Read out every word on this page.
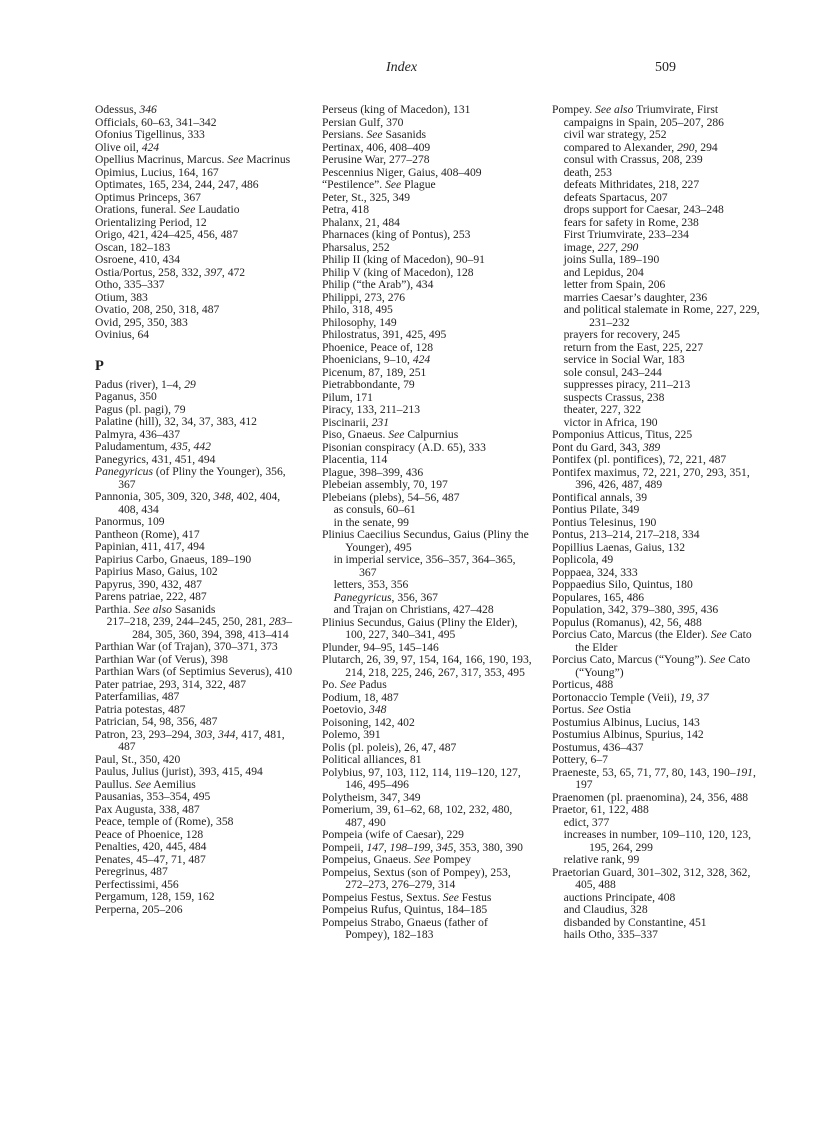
Index	509
Odessus, 346
Officials, 60–63, 341–342
Ofonius Tigellinus, 333
Olive oil, 424
Opellius Macrinus, Marcus. See Macrinus
Opimius, Lucius, 164, 167
Optimates, 165, 234, 244, 247, 486
Optimus Princeps, 367
Orations, funeral. See Laudatio
Orientalizing Period, 12
Origo, 421, 424–425, 456, 487
Oscan, 182–183
Osroene, 410, 434
Ostia/Portus, 258, 332, 397, 472
Otho, 335–337
Otium, 383
Ovatio, 208, 250, 318, 487
Ovid, 295, 350, 383
Ovinius, 64
P
Padus (river), 1–4, 29
Paganus, 350
Pagus (pl. pagi), 79
Palatine (hill), 32, 34, 37, 383, 412
Palmyra, 436–437
Paludamentum, 435, 442
Panegyrics, 431, 451, 494
Panegyricus (of Pliny the Younger), 356, 367
Pannonia, 305, 309, 320, 348, 402, 404, 408, 434
Panormus, 109
Pantheon (Rome), 417
Papinian, 411, 417, 494
Papirius Carbo, Gnaeus, 189–190
Papirius Maso, Gaius, 102
Papyrus, 390, 432, 487
Parens patriae, 222, 487
Parthia. See also Sasanids
217–218, 239, 244–245, 250, 281, 283–284, 305, 360, 394, 398, 413–414
Parthian War (of Trajan), 370–371, 373
Parthian War (of Verus), 398
Parthian Wars (of Septimius Severus), 410
Pater patriae, 293, 314, 322, 487
Paterfamilias, 487
Patria potestas, 487
Patrician, 54, 98, 356, 487
Patron, 23, 293–294, 303, 344, 417, 481, 487
Paul, St., 350, 420
Paulus, Julius (jurist), 393, 415, 494
Paullus. See Aemilius
Pausanias, 353–354, 495
Pax Augusta, 338, 487
Peace, temple of (Rome), 358
Peace of Phoenice, 128
Penalties, 420, 445, 484
Penates, 45–47, 71, 487
Peregrinus, 487
Perfectissimi, 456
Pergamum, 128, 159, 162
Perperna, 205–206
Perseus (king of Macedon), 131
Persian Gulf, 370
Persians. See Sasanids
Pertinax, 406, 408–409
Perusine War, 277–278
Pescennius Niger, Gaius, 408–409
“Pestilence”. See Plague
Peter, St., 325, 349
Petra, 418
Phalanx, 21, 484
Pharnaces (king of Pontus), 253
Pharsalus, 252
Philip II (king of Macedon), 90–91
Philip V (king of Macedon), 128
Philip (“the Arab”), 434
Philippi, 273, 276
Philo, 318, 495
Philosophy, 149
Philostratus, 391, 425, 495
Phoenice, Peace of, 128
Phoenicians, 9–10, 424
Picenum, 87, 189, 251
Pietrabbondante, 79
Pilum, 171
Piracy, 133, 211–213
Piscinarii, 231
Piso, Gnaeus. See Calpurnius
Pisonian conspiracy (A.D. 65), 333
Placentia, 114
Plague, 398–399, 436
Plebeian assembly, 70, 197
Plebeians (plebs), 54–56, 487
as consuls, 60–61
in the senate, 99
Plinius Caecilius Secundus, Gaius (Pliny the Younger), 495
in imperial service, 356–357, 364–365, 367
letters, 353, 356
Panegyricus, 356, 367
and Trajan on Christians, 427–428
Plinius Secundus, Gaius (Pliny the Elder), 100, 227, 340–341, 495
Plunder, 94–95, 145–146
Plutarch, 26, 39, 97, 154, 164, 166, 190, 193, 214, 218, 225, 246, 267, 317, 353, 495
Po. See Padus
Podium, 18, 487
Poetovio, 348
Poisoning, 142, 402
Polemo, 391
Polis (pl. poleis), 26, 47, 487
Political alliances, 81
Polybius, 97, 103, 112, 114, 119–120, 127, 146, 495–496
Polytheism, 347, 349
Pomerium, 39, 61–62, 68, 102, 232, 480, 487, 490
Pompeia (wife of Caesar), 229
Pompeii, 147, 198–199, 345, 353, 380, 390
Pompeius, Gnaeus. See Pompey
Pompeius, Sextus (son of Pompey), 253, 272–273, 276–279, 314
Pompeius Festus, Sextus. See Festus
Pompeius Rufus, Quintus, 184–185
Pompeius Strabo, Gnaeus (father of Pompey), 182–183
Pompey. See also Triumvirate, First
campaigns in Spain, 205–207, 286
civil war strategy, 252
compared to Alexander, 290, 294
consul with Crassus, 208, 239
death, 253
defeats Mithridates, 218, 227
defeats Spartacus, 207
drops support for Caesar, 243–248
fears for safety in Rome, 238
First Triumvirate, 233–234
image, 227, 290
joins Sulla, 189–190
and Lepidus, 204
letter from Spain, 206
marries Caesar’s daughter, 236
and political stalemate in Rome, 227, 229, 231–232
prayers for recovery, 245
return from the East, 225, 227
service in Social War, 183
sole consul, 243–244
suppresses piracy, 211–213
suspects Crassus, 238
theater, 227, 322
victor in Africa, 190
Pomponius Atticus, Titus, 225
Pont du Gard, 343, 389
Pontifex (pl. pontifices), 72, 221, 487
Pontifex maximus, 72, 221, 270, 293, 351, 396, 426, 487, 489
Pontifical annals, 39
Pontius Pilate, 349
Pontius Telesinus, 190
Pontus, 213–214, 217–218, 334
Popillius Laenas, Gaius, 132
Poplicola, 49
Poppaea, 324, 333
Poppaedius Silo, Quintus, 180
Populares, 165, 486
Population, 342, 379–380, 395, 436
Populus (Romanus), 42, 56, 488
Porcius Cato, Marcus (the Elder). See Cato the Elder
Porcius Cato, Marcus (“Young”). See Cato (“Young”)
Porticus, 488
Portonaccio Temple (Veii), 19, 37
Portus. See Ostia
Postumius Albinus, Lucius, 143
Postumius Albinus, Spurius, 142
Postumus, 436–437
Pottery, 6–7
Praeneste, 53, 65, 71, 77, 80, 143, 190–191, 197
Praenomen (pl. praenomina), 24, 356, 488
Praetor, 61, 122, 488
edict, 377
increases in number, 109–110, 120, 123, 195, 264, 299
relative rank, 99
Praetorian Guard, 301–302, 312, 328, 362, 405, 488
auctions Principate, 408
and Claudius, 328
disbanded by Constantine, 451
hails Otho, 335–337
